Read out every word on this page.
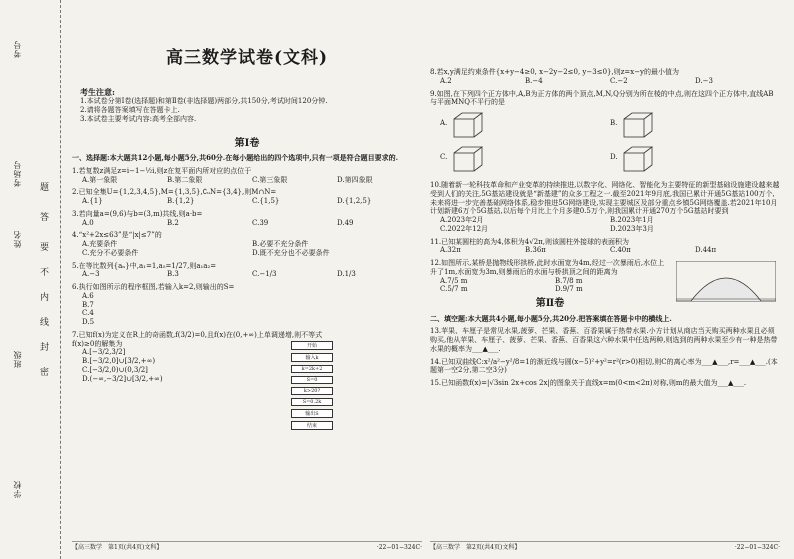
考号
考场号
姓名
班级
学校
题
答
要
不
内
线
封
密
高三数学试卷(文科)
考生注意:
1.本试卷分第Ⅰ卷(选择题)和第Ⅱ卷(非选择题)两部分,共150分,考试时间120分钟.
2.请将各题答案填写在答题卡上.
3.本试卷主要考试内容:高考全部内容.
第Ⅰ卷
一、选择题:本大题共12小题,每小题5分,共60分.在每小题给出的四个选项中,只有一项是符合题目要求的.
1.若复数z满足z=i−1−½i,则z在复平面内所对应的点位于
A.第一象限	B.第二象限	C.第三象限	D.第四象限
2.已知全集U={1,2,3,4,5},M={1,3,5},∁ᵤN={3,4},则M∩N=
A.{1}	B.{1,2}	C.{1,5}	D.{1,2,5}
3.若向量a=(9,6)与b=(3,m)共线,则a·b=
A.0	B.2	C.39	D.49
4.“x²+2x≤63”是“|x|≤7”的
A.充要条件	B.必要不充分条件
C.充分不必要条件	D.既不充分也不必要条件
5.在等比数列{aₙ}中,a₁=1,a₅=1/27,则a₁a₂=
A.−3	B.3	C.−1/3	D.1/3
6.执行如图所示的程序框图,若输入k=2,则输出的S=
A.6
B.7
C.4
D.5
7.已知f(x)为定义在R上的奇函数,f(3/2)=0,且f(x)在(0,+∞)上单调递增,则不等式f(x)≥0的解集为
A.[−3/2,3/2]
B.[−3/2,0]∪[3/2,+∞)
C.[−3/2,0)∪(0,3/2]
D.(−∞,−3/2]∪[3/2,+∞)
【高三数学　第1页(共4页)文科】	·22−01−324C·
开始
输入k
k=2k+2
S=0
k>20?
S=0.2k
输出S
结束
8.若x,y满足约束条件{x+y−4≥0, x−2y−2≤0, y−3≤0},则z=x−y的最小值为
A.2	B.−4	C.−2	D.−3
9.如图,在下列四个正方体中,A,B为正方体的两个顶点,M,N,Q分别为所在棱的中点,则在这四个正方体中,直线AB与平面MNQ不平行的是
A.	B.
C.	D.
10.随着新一轮科技革命和产业变革的持续推进,以数字化、网络化、智能化为主要特征的新型基础设施建设越来越受到人们的关注,5G基站建设就是“新基建”的众多工程之一.截至2021年9月底,我国已累计开通5G基站100万个,未来将进一步完善基础网络体系,稳步推进5G网络建设,实现主要城区及部分重点乡镇5G网络覆盖.若2021年10月计划新建6万个5G基站,以后每个月比上个月多建0.5万个,则我国累计开通270万个5G基站时要到
A.2023年2月	B.2023年1月
C.2022年12月	D.2023年3月
11.已知某圆柱的高为4,体积为4√2π,则该圆柱外接球的表面积为
A.32π	B.36π	C.40π	D.44π
12.如图所示,某桥是抛物线形拱桥,此时水面宽为4m,经过一次暴雨后,水位上升了1m,水面宽为3m,则暴雨后的水面与桥拱顶之间的距离为
A.7/5 m	B.7/8 m
C.5/7 m	D.9/7 m
第Ⅱ卷
二、填空题:本大题共4小题,每小题5分,共20分.把答案填在答题卡中的横线上.
13.苹果、车厘子是常见水果,菠萝、芒果、香蕉、百香果属于热带水果.小方计划从商店当天购买两种水果且必须购买,他从苹果、车厘子、菠萝、芒果、香蕉、百香果这六种水果中任选两种,则选到的两种水果至少有一种是热带水果的概率为___▲___.
14.已知双曲线C:x²/a²−y²/8=1的渐近线与圆(x−5)²+y²=r²(r>0)相切,则C的离心率为___▲___,r=___▲___.(本题第一空2分,第二空3分)
15.已知函数f(x)=|√3sin 2x+cos 2x|的图象关于直线x=m(0<m<2π)对称,则m的最大值为___▲___.
【高三数学　第2页(共4页)文科】	·22−01−324C·
